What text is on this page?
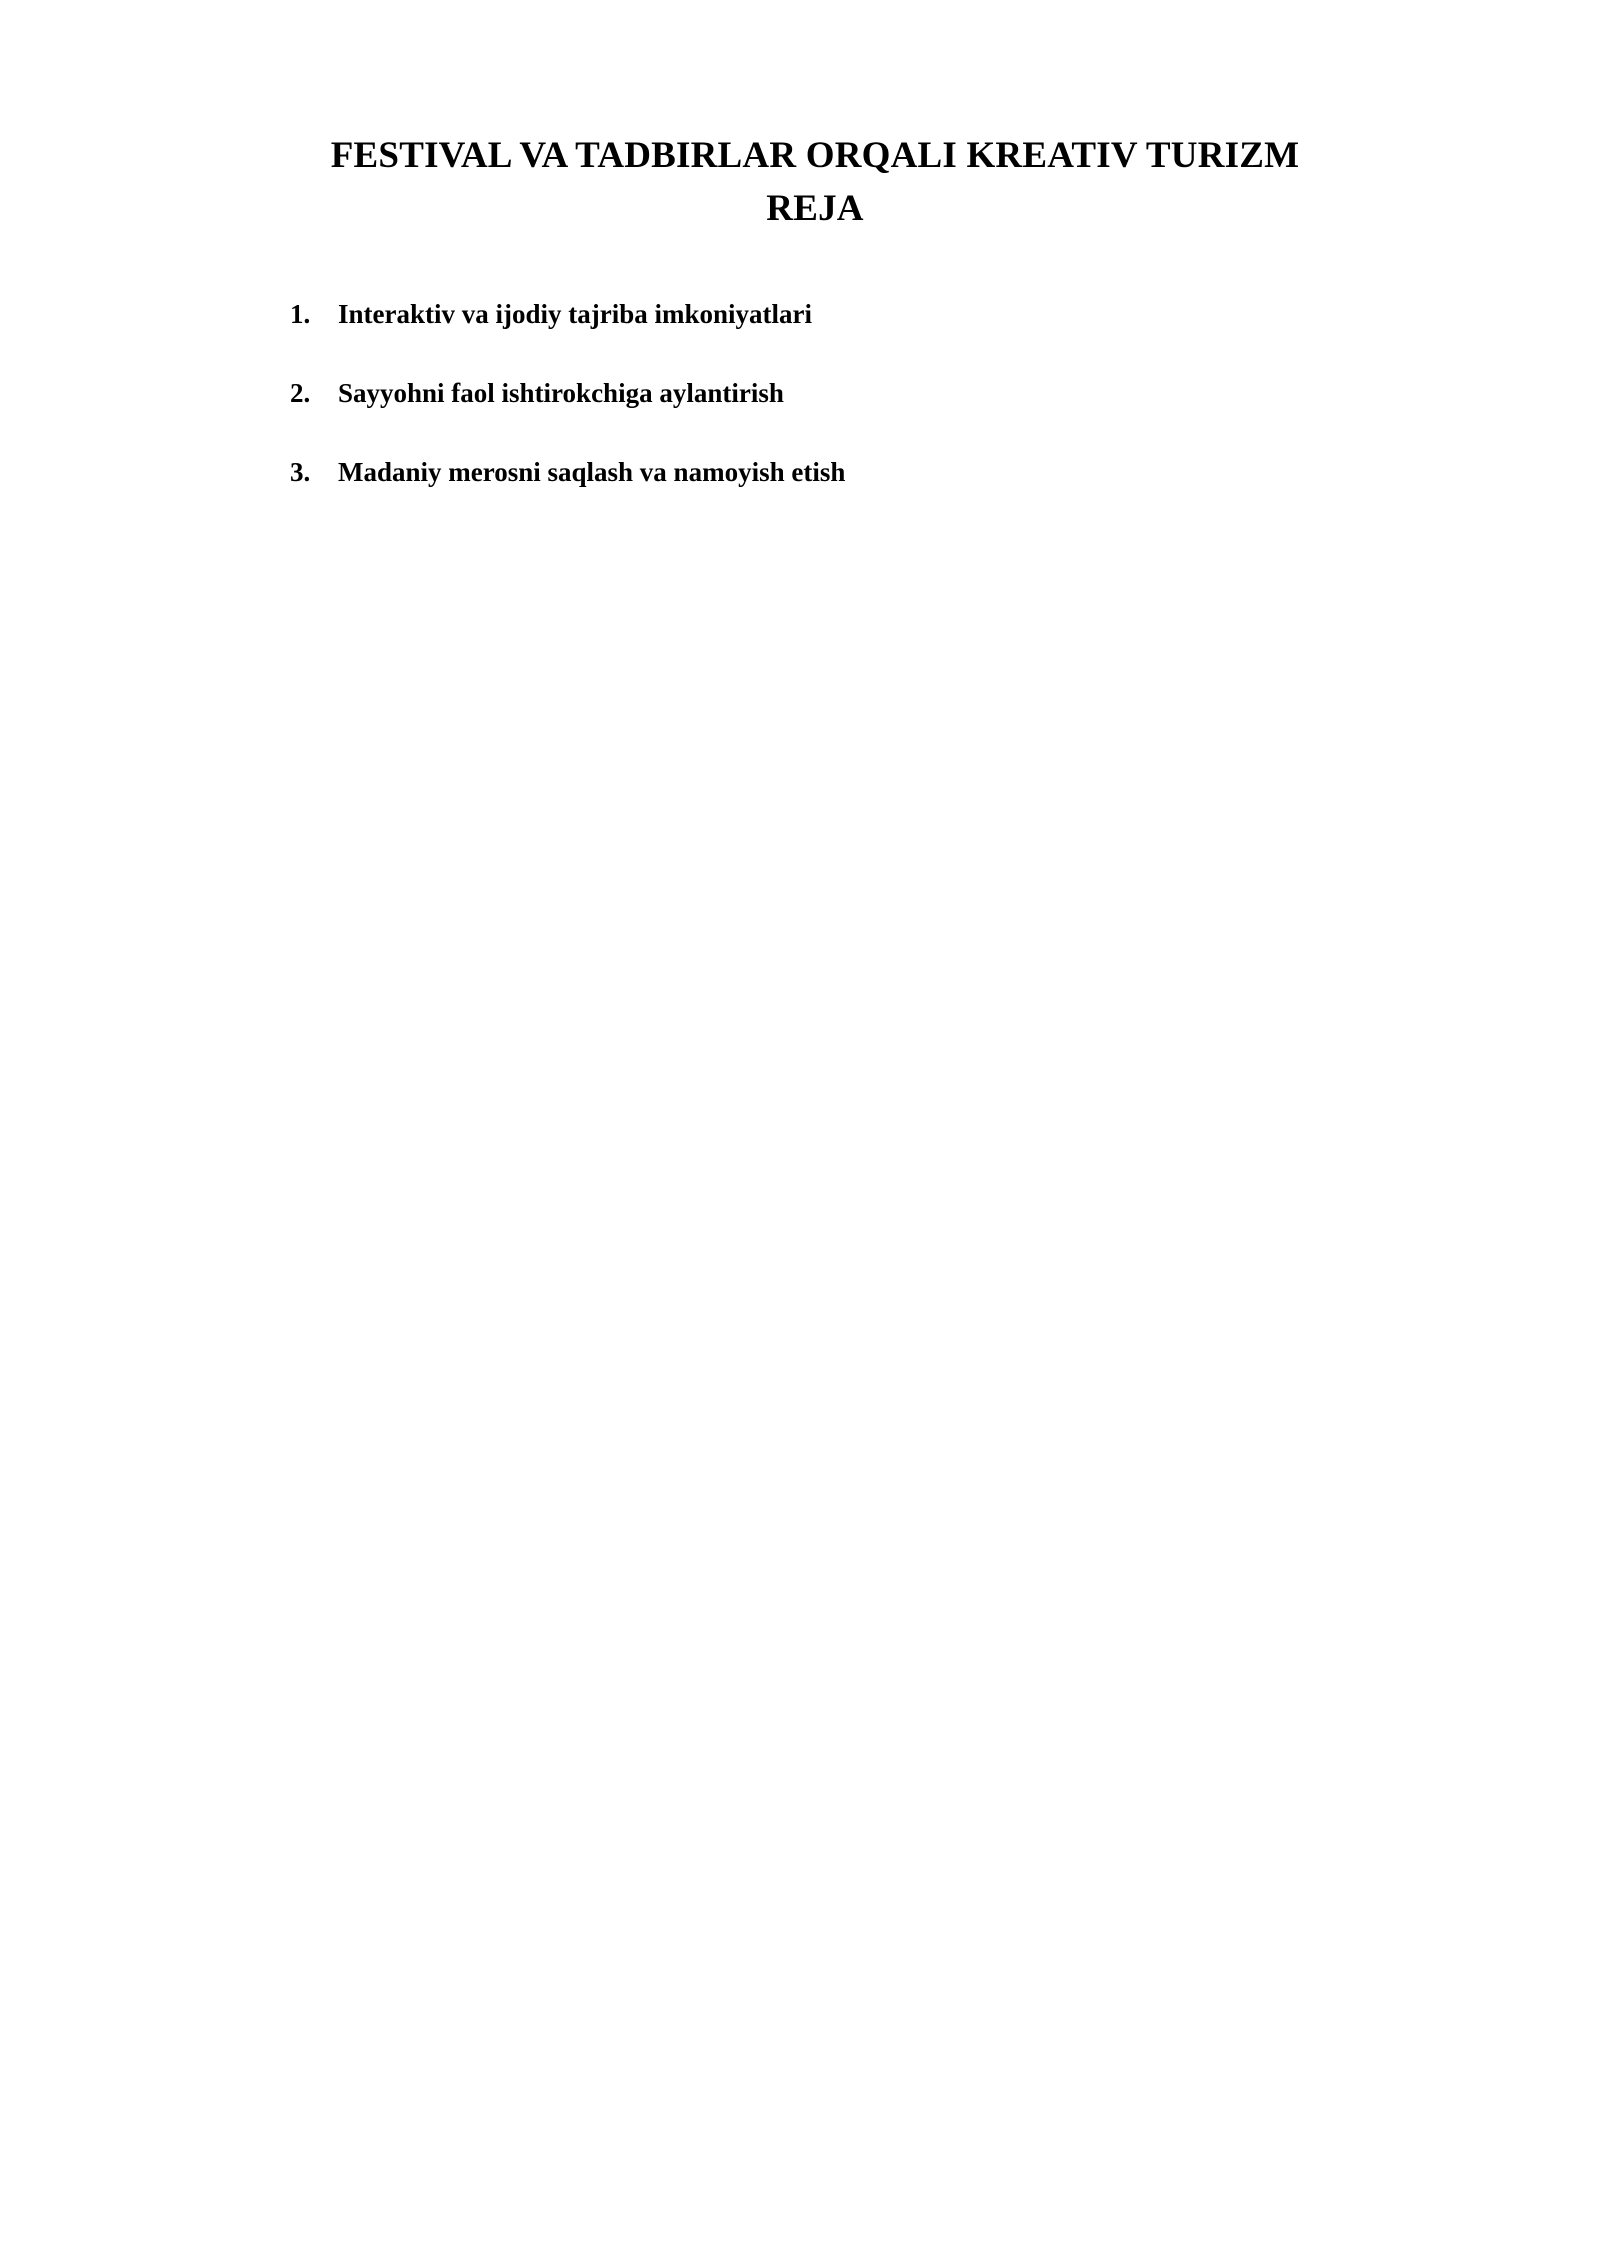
FESTIVAL VA TADBIRLAR ORQALI KREATIV TURIZM
REJA
1.	Interaktiv va ijodiy tajriba imkoniyatlari
2.	Sayyohni faol ishtirokchiga aylantirish
3.	Madaniy merosni saqlash va namoyish etish
